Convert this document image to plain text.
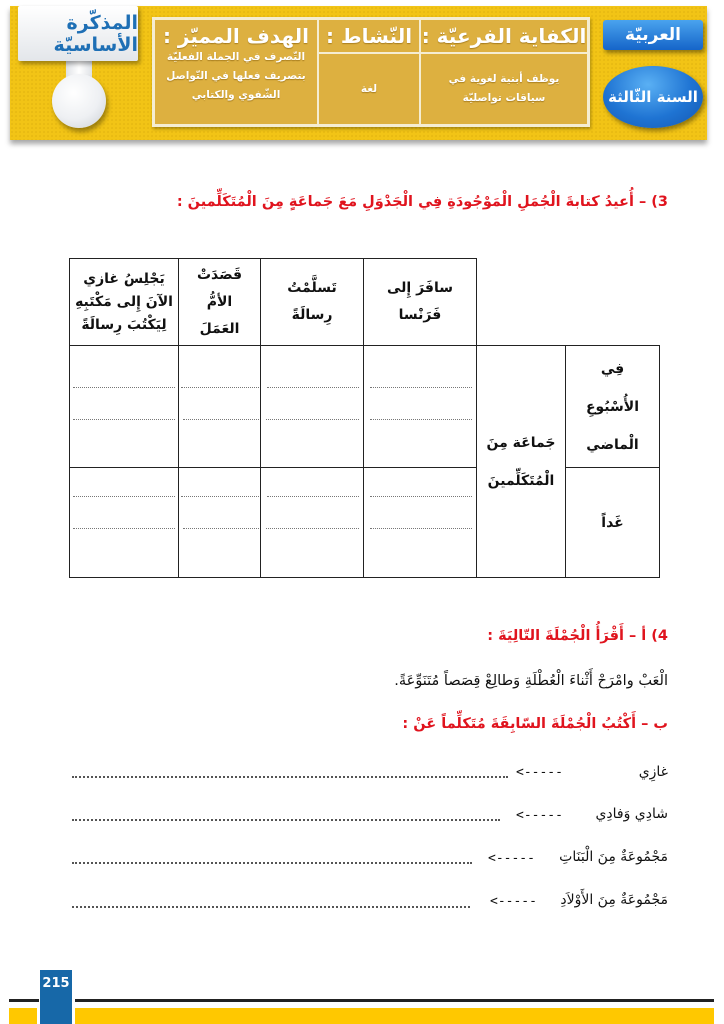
المذكّرة الأساسيّة الهدف المميّز :
التّصرف في الجملة الفعليّة بتصريف فعلها في التّواصل الشّفوي والكتابي
النّشاط : الكفاية الفرعيّة :
لغة
يوظف أبنية لغوية في سياقات تواصليّة
العربيّة
السنة الثّالثة
3) – أُعيدُ كتابةَ الْجُمَلِ الْمَوْجُودَةِ فِي الْجَدْوَلِ مَعَ جَماعَةٍ مِنَ الْمُتَكَلِّمينَ :
سافَرَ إِلى فَرَنْسا
تَسلَّمْتُ رِسالَةً
قَصَدَتْ الأمُّ العَمَلَ
يَجْلِسُ غازي الآنَ إِلى مَكْتَبِهِ لِيَكْتُبَ رِسالَةً
فِي الأُسْبُوعِ الْماضي
غَداً
جَماعَة مِنَ الْمُتَكَلِّمينَ
4) أ – أَقْرَأُ الْجُمْلَةَ التّالِيَةَ :
الْعَبْ وامْرَحْ أَثْناءَ الْعُطْلَةِ وَطالِعْ قِصَصاً مُتَنَوِّعَةً.
ب – أَكْتُبُ الْجُمْلَةَ السّابِقَةَ مُتَكلِّماً عَنْ :
غازِي
<-----
شادِي وَفادِي
<-----
مَجْمُوعَةٌ مِنَ الْبَنَاتِ
<-----
مَجْمُوعَةٌ مِنَ الأَوْلاَدِ
<-----
215
